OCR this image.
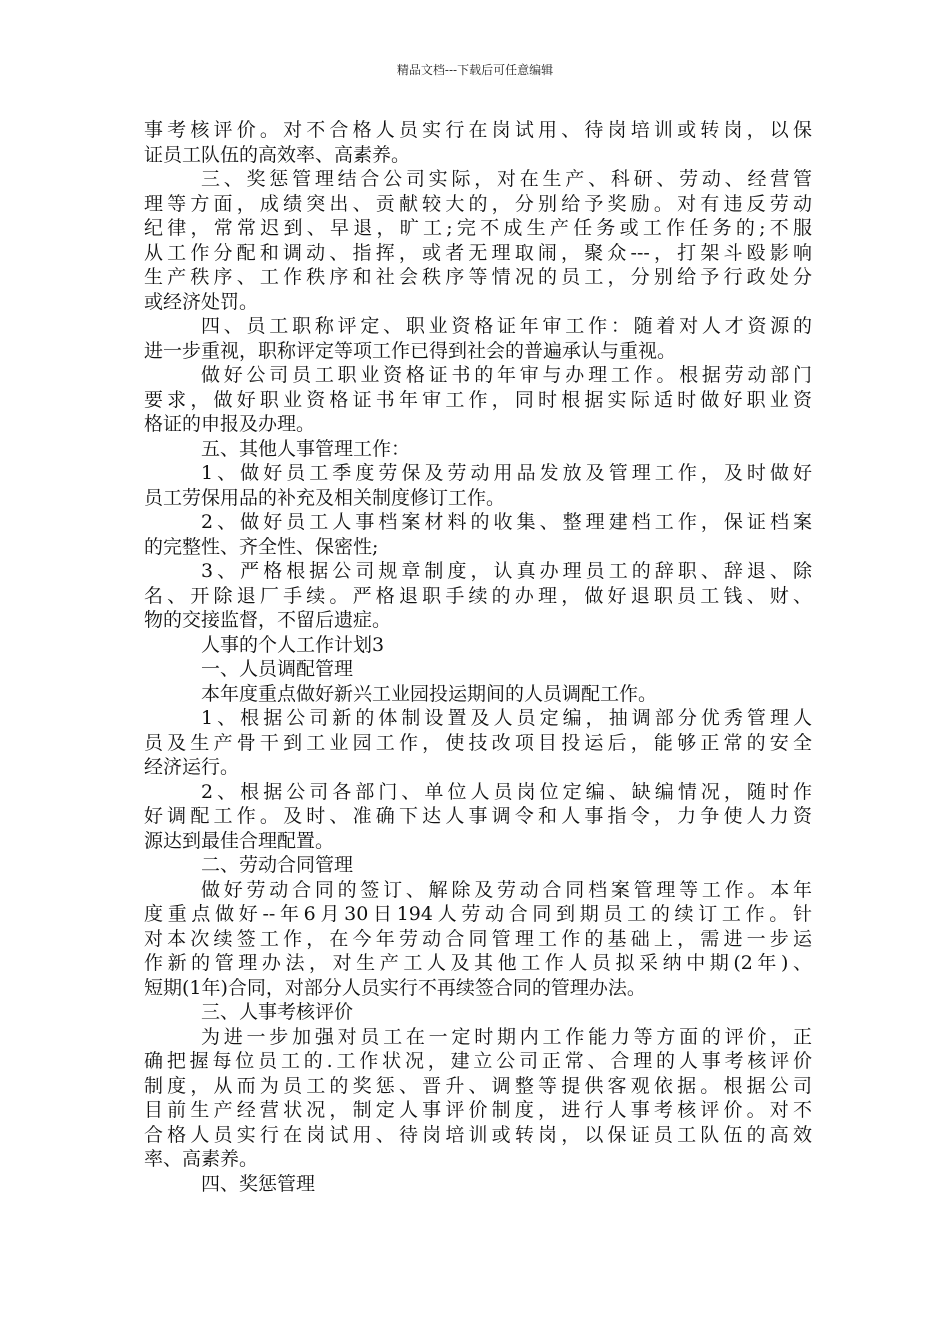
精品文档---下载后可任意编辑
事考核评价。对不合格人员实行在岗试用、待岗培训或转岗，以保
证员工队伍的高效率、高素养。
三、奖惩管理结合公司实际，对在生产、科研、劳动、经营管
理等方面，成绩突出、贡献较大的，分别给予奖励。对有违反劳动
纪律，常常迟到、早退，旷工;完不成生产任务或工作任务的;不服
从工作分配和调动、指挥，或者无理取闹，聚众---，打架斗殴影响
生产秩序、工作秩序和社会秩序等情况的员工，分别给予行政处分
或经济处罚。
四、员工职称评定、职业资格证年审工作：随着对人才资源的
进一步重视，职称评定等项工作已得到社会的普遍承认与重视。
做好公司员工职业资格证书的年审与办理工作。根据劳动部门
要求，做好职业资格证书年审工作，同时根据实际适时做好职业资
格证的申报及办理。
五、其他人事管理工作：
1、做好员工季度劳保及劳动用品发放及管理工作，及时做好
员工劳保用品的补充及相关制度修订工作。
2、做好员工人事档案材料的收集、整理建档工作，保证档案
的完整性、齐全性、保密性;
3、严格根据公司规章制度，认真办理员工的辞职、辞退、除
名、开除退厂手续。严格退职手续的办理，做好退职员工钱、财、
物的交接监督，不留后遗症。
人事的个人工作计划3
一、人员调配管理
本年度重点做好新兴工业园投运期间的人员调配工作。
1、根据公司新的体制设置及人员定编，抽调部分优秀管理人
员及生产骨干到工业园工作，使技改项目投运后，能够正常的安全
经济运行。
2、根据公司各部门、单位人员岗位定编、缺编情况，随时作
好调配工作。及时、准确下达人事调令和人事指令，力争使人力资
源达到最佳合理配置。
二、劳动合同管理
做好劳动合同的签订、解除及劳动合同档案管理等工作。本年
度重点做好--年6月30日194人劳动合同到期员工的续订工作。针
对本次续签工作，在今年劳动合同管理工作的基础上，需进一步运
作新的管理办法，对生产工人及其他工作人员拟采纳中期(2年)、
短期(1年)合同，对部分人员实行不再续签合同的管理办法。
三、人事考核评价
为进一步加强对员工在一定时期内工作能力等方面的评价，正
确把握每位员工的.工作状况，建立公司正常、合理的人事考核评价
制度，从而为员工的奖惩、晋升、调整等提供客观依据。根据公司
目前生产经营状况，制定人事评价制度，进行人事考核评价。对不
合格人员实行在岗试用、待岗培训或转岗，以保证员工队伍的高效
率、高素养。
四、奖惩管理
